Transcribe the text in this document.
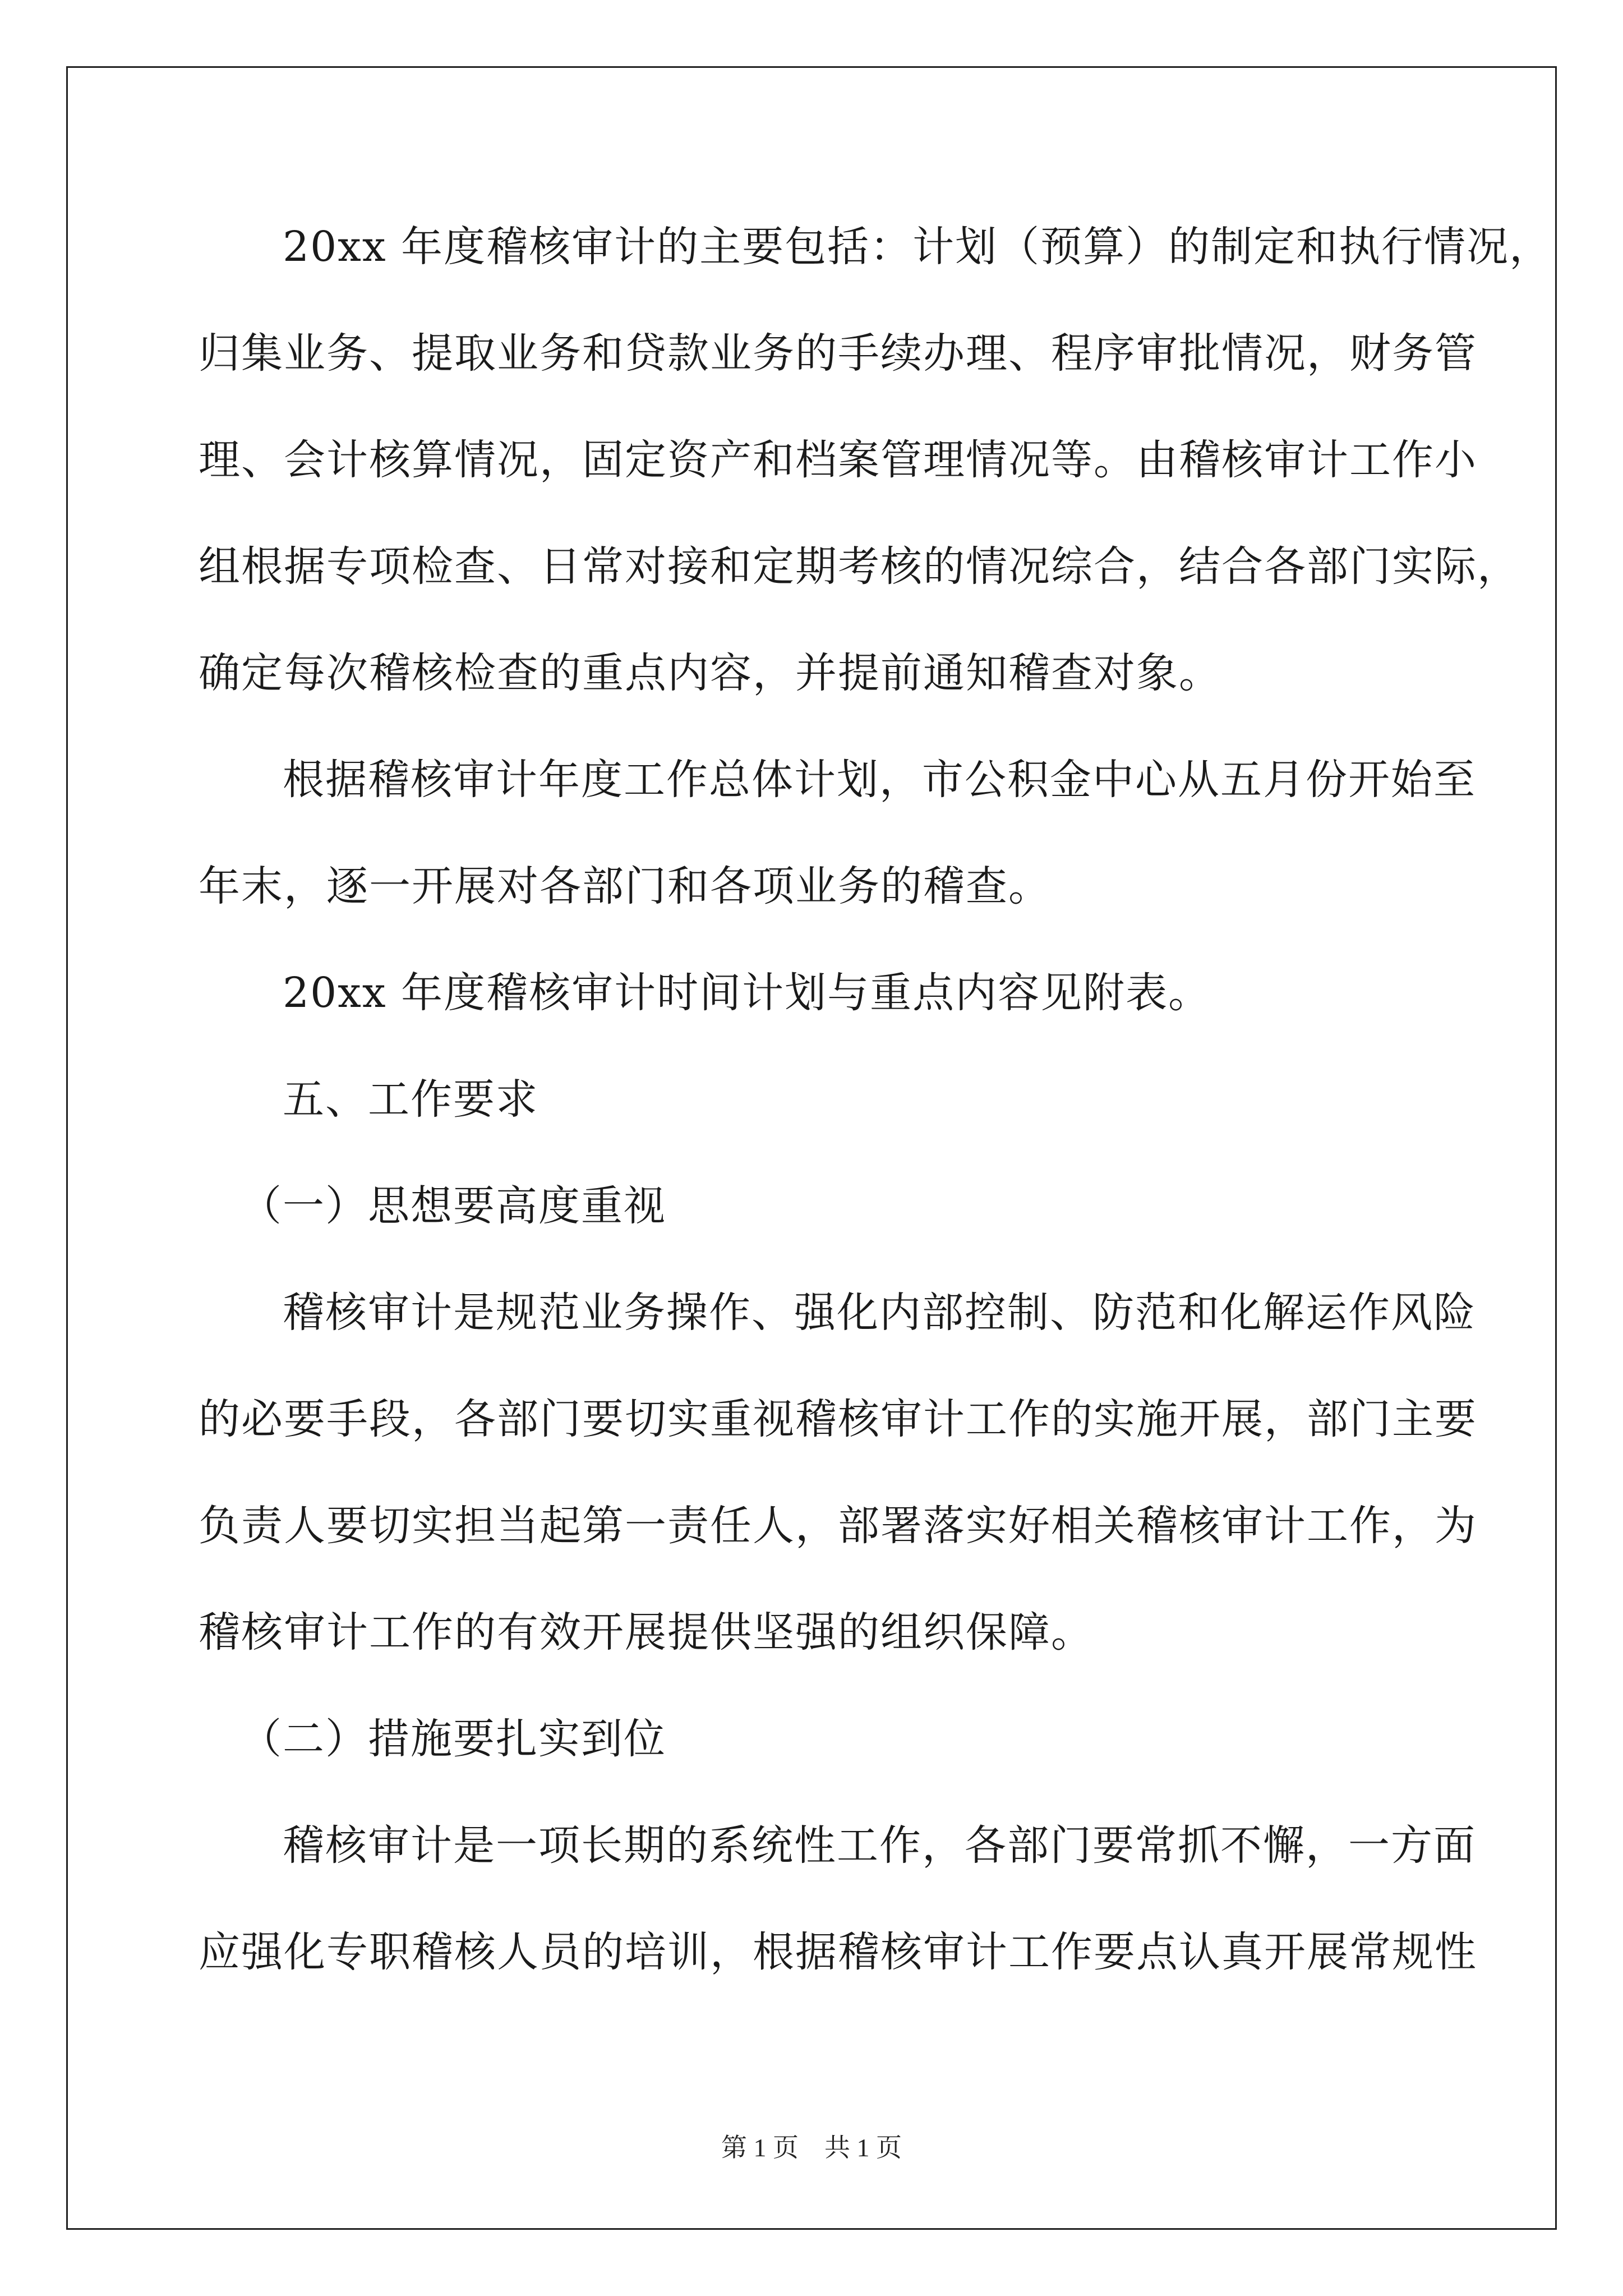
20xx 年度稽核审计的主要包括：计划（预算）的制定和执行情况，
归集业务、提取业务和贷款业务的手续办理、程序审批情况，财务管
理、会计核算情况，固定资产和档案管理情况等。由稽核审计工作小
组根据专项检查、日常对接和定期考核的情况综合，结合各部门实际，
确定每次稽核检查的重点内容，并提前通知稽查对象。
根据稽核审计年度工作总体计划，市公积金中心从五月份开始至
年末，逐一开展对各部门和各项业务的稽查。
20xx 年度稽核审计时间计划与重点内容见附表。
五、工作要求
（一）思想要高度重视
稽核审计是规范业务操作、强化内部控制、防范和化解运作风险
的必要手段，各部门要切实重视稽核审计工作的实施开展，部门主要
负责人要切实担当起第一责任人，部署落实好相关稽核审计工作，为
稽核审计工作的有效开展提供坚强的组织保障。
（二）措施要扎实到位
稽核审计是一项长期的系统性工作，各部门要常抓不懈，一方面
应强化专职稽核人员的培训，根据稽核审计工作要点认真开展常规性
第 1 页　共 1 页
